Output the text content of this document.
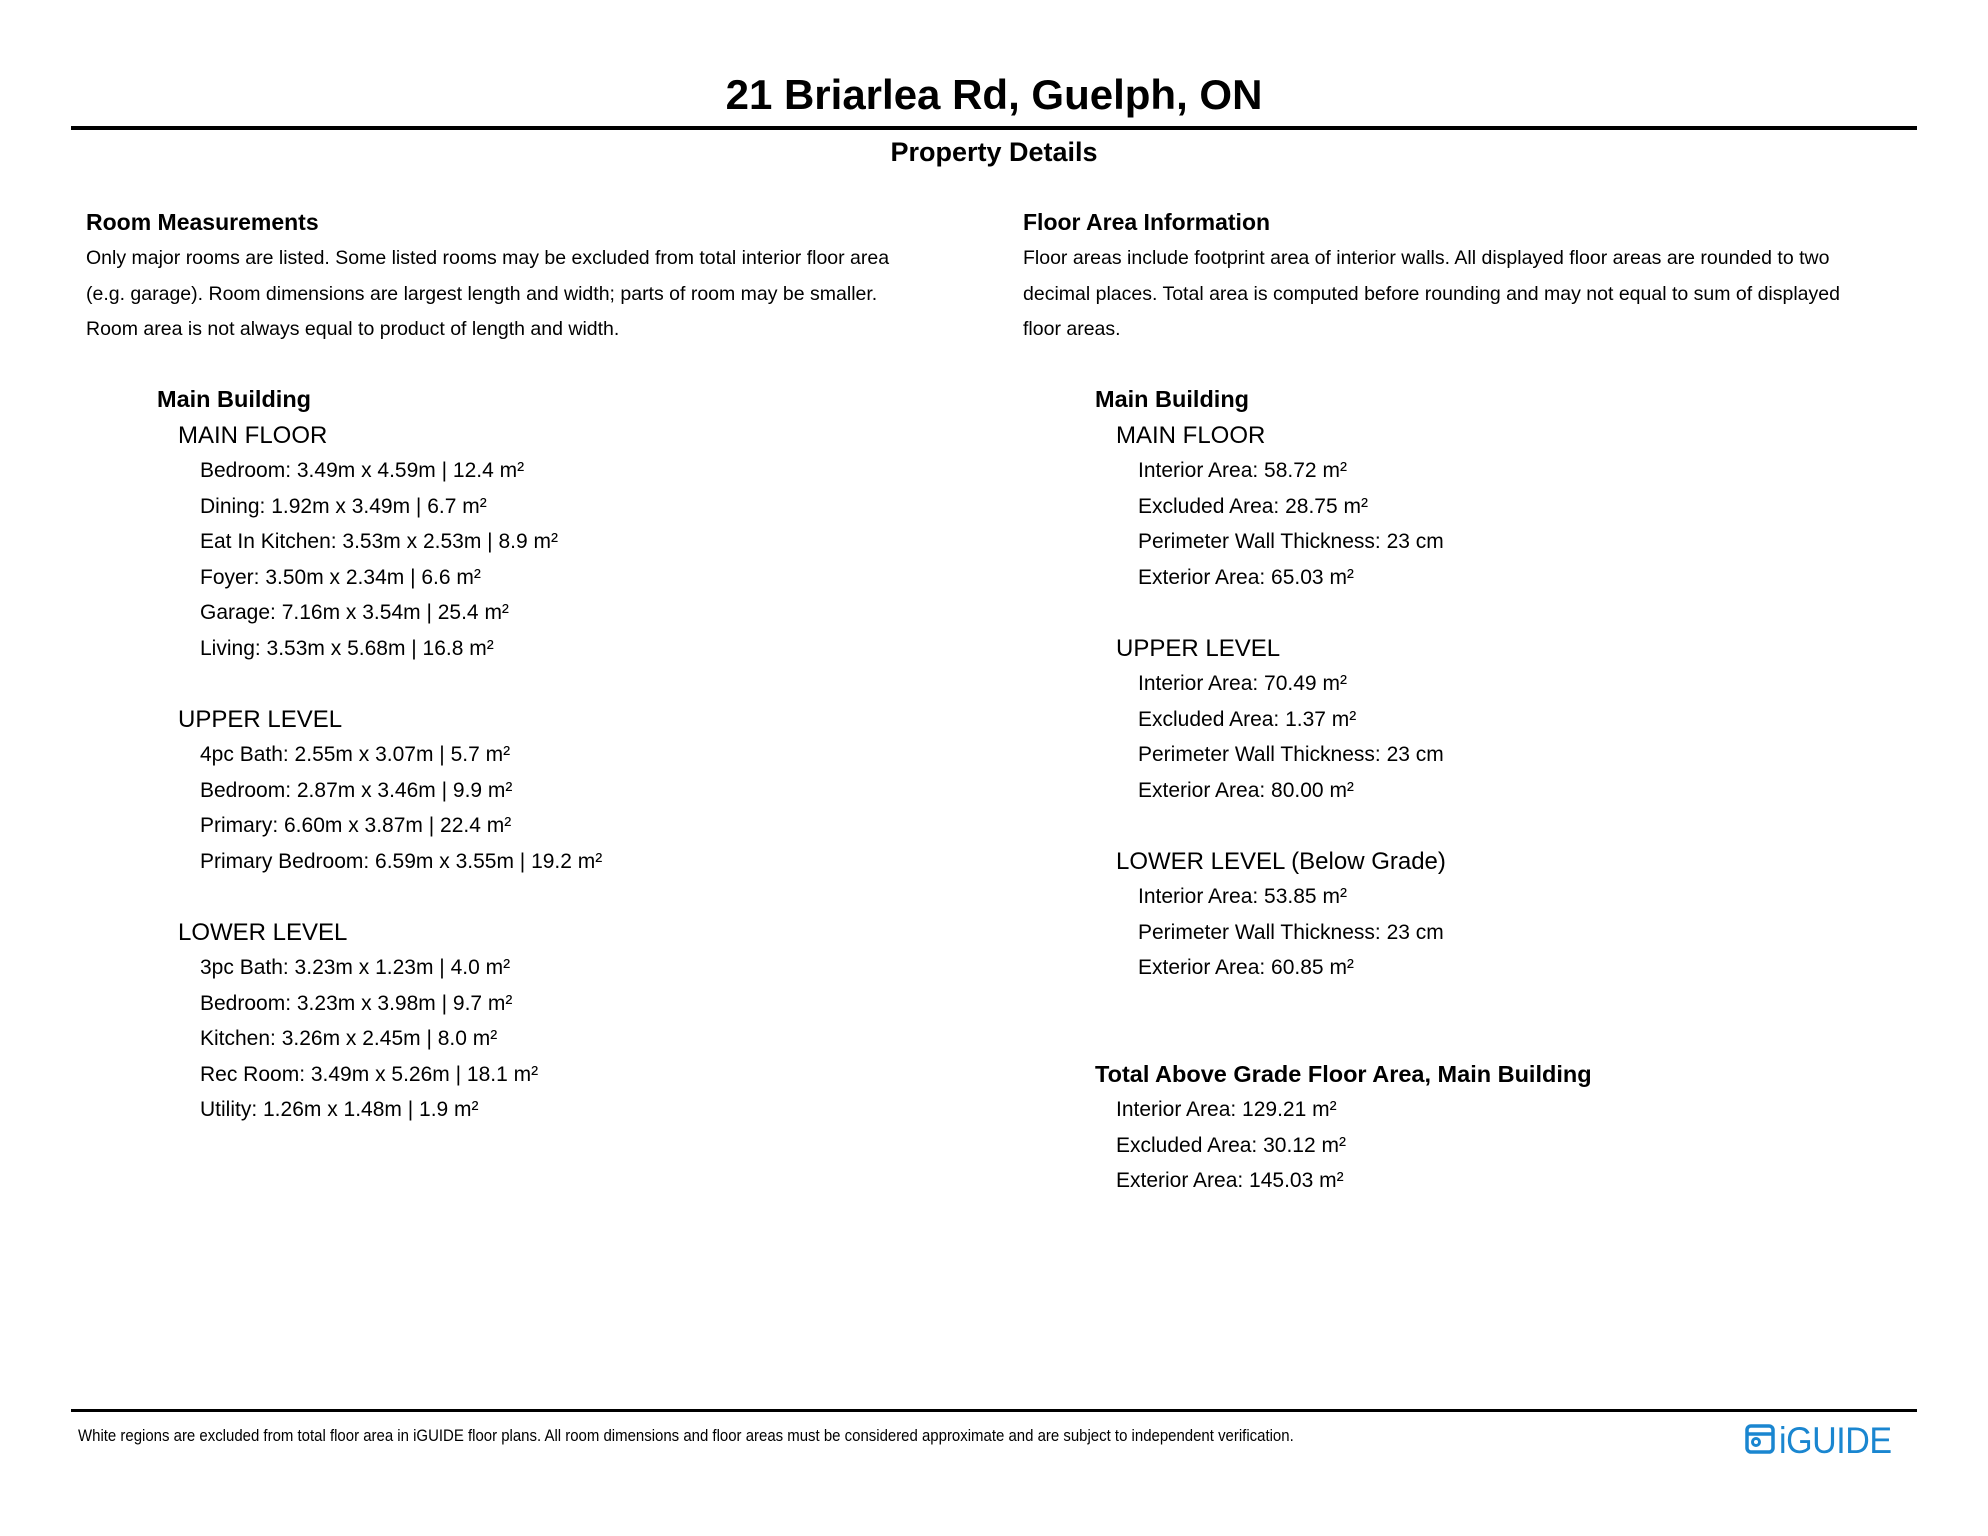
21 Briarlea Rd, Guelph, ON
Property Details
Room Measurements
Only major rooms are listed. Some listed rooms may be excluded from total interior floor area
(e.g. garage). Room dimensions are largest length and width; parts of room may be smaller.
Room area is not always equal to product of length and width.
Main Building
MAIN FLOOR
Bedroom: 3.49m x 4.59m | 12.4 m²
Dining: 1.92m x 3.49m | 6.7 m²
Eat In Kitchen: 3.53m x 2.53m | 8.9 m²
Foyer: 3.50m x 2.34m | 6.6 m²
Garage: 7.16m x 3.54m | 25.4 m²
Living: 3.53m x 5.68m | 16.8 m²
UPPER LEVEL
4pc Bath: 2.55m x 3.07m | 5.7 m²
Bedroom: 2.87m x 3.46m | 9.9 m²
Primary: 6.60m x 3.87m | 22.4 m²
Primary Bedroom: 6.59m x 3.55m | 19.2 m²
LOWER LEVEL
3pc Bath: 3.23m x 1.23m | 4.0 m²
Bedroom: 3.23m x 3.98m | 9.7 m²
Kitchen: 3.26m x 2.45m | 8.0 m²
Rec Room: 3.49m x 5.26m | 18.1 m²
Utility: 1.26m x 1.48m | 1.9 m²
Floor Area Information
Floor areas include footprint area of interior walls. All displayed floor areas are rounded to two
decimal places. Total area is computed before rounding and may not equal to sum of displayed
floor areas.
Main Building
MAIN FLOOR
Interior Area: 58.72 m²
Excluded Area: 28.75 m²
Perimeter Wall Thickness: 23 cm
Exterior Area: 65.03 m²
UPPER LEVEL
Interior Area: 70.49 m²
Excluded Area: 1.37 m²
Perimeter Wall Thickness: 23 cm
Exterior Area: 80.00 m²
LOWER LEVEL (Below Grade)
Interior Area: 53.85 m²
Perimeter Wall Thickness: 23 cm
Exterior Area: 60.85 m²
Total Above Grade Floor Area, Main Building
Interior Area: 129.21 m²
Excluded Area: 30.12 m²
Exterior Area: 145.03 m²
White regions are excluded from total floor area in iGUIDE floor plans. All room dimensions and floor areas must be considered approximate and are subject to independent verification.	iGUIDE
